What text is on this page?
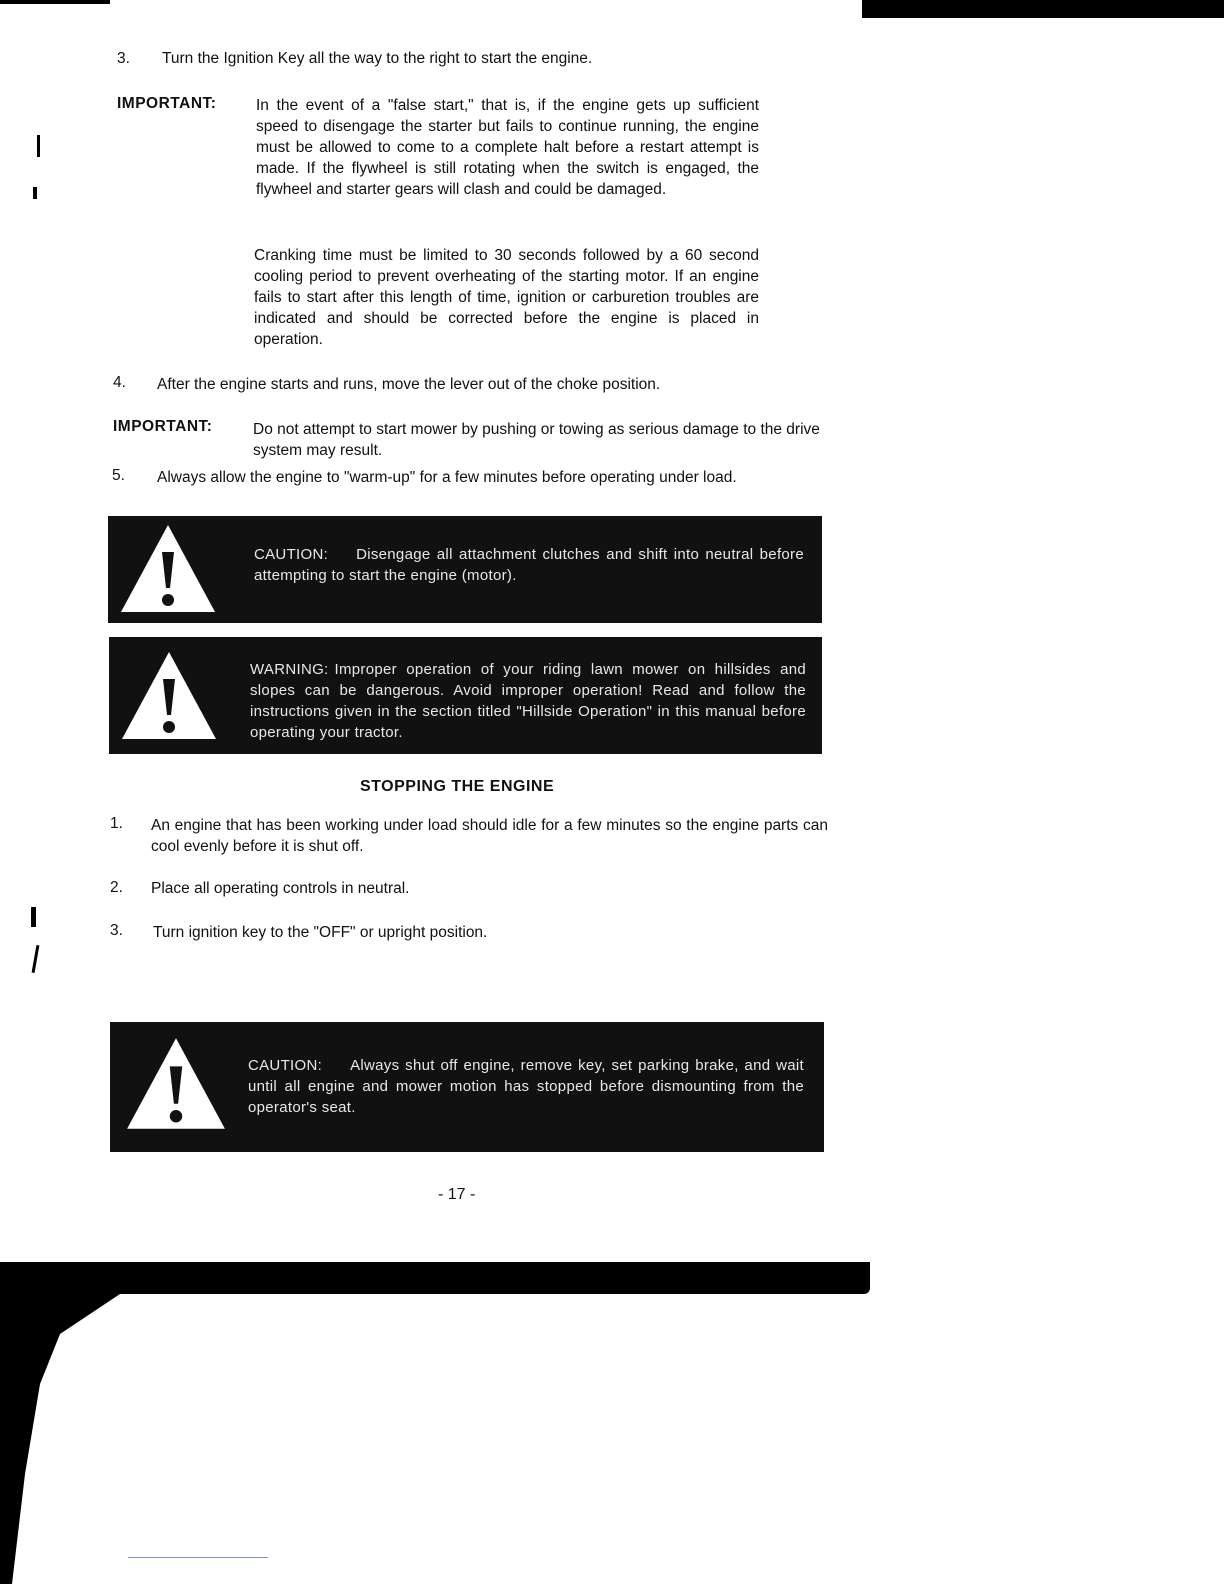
3.	Turn the Ignition Key all the way to the right to start the engine.
IMPORTANT:	In the event of a "false start," that is, if the engine gets up sufficient speed to disengage the starter but fails to continue running, the engine must be allowed to come to a complete halt before a restart attempt is made. If the flywheel is still rotating when the switch is engaged, the flywheel and starter gears will clash and could be damaged.
Cranking time must be limited to 30 seconds followed by a 60 second cooling period to prevent overheating of the starting motor. If an engine fails to start after this length of time, ignition or carburetion troubles are indicated and should be corrected before the engine is placed in operation.
4.	After the engine starts and runs, move the lever out of the choke position.
IMPORTANT:	Do not attempt to start mower by pushing or towing as serious damage to the drive system may result.
5.	Always allow the engine to "warm-up" for a few minutes before operating under load.
CAUTION: Disengage all attachment clutches and shift into neutral before attempting to start the engine (motor).
WARNING: Improper operation of your riding lawn mower on hillsides and slopes can be dangerous. Avoid improper operation! Read and follow the instructions given in the section titled "Hillside Operation" in this manual before operating your tractor.
STOPPING THE ENGINE
1.	An engine that has been working under load should idle for a few minutes so the engine parts can cool evenly before it is shut off.
2.	Place all operating controls in neutral.
3.	Turn ignition key to the "OFF" or upright position.
CAUTION: Always shut off engine, remove key, set parking brake, and wait until all engine and mower motion has stopped before dismounting from the operator's seat.
- 17 -
